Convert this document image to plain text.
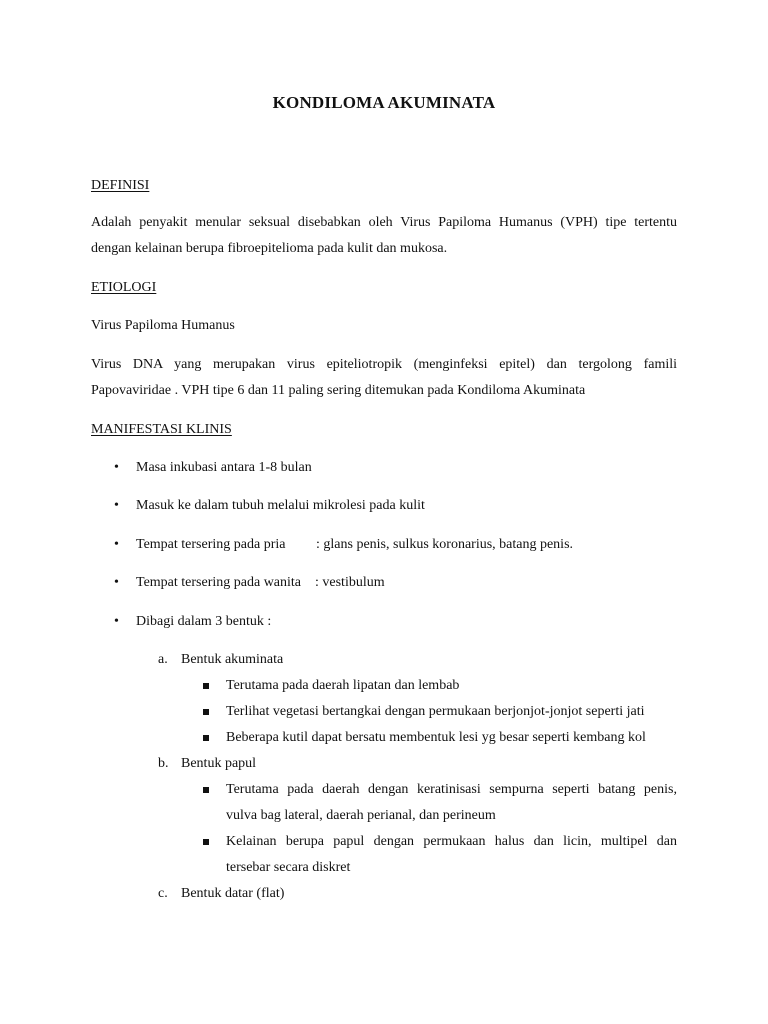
KONDILOMA AKUMINATA
DEFINISI
Adalah penyakit menular seksual disebabkan oleh Virus Papiloma Humanus (VPH) tipe tertentu
dengan kelainan berupa fibroepitelioma pada kulit dan mukosa.
ETIOLOGI
Virus Papiloma Humanus
Virus DNA yang merupakan virus epiteliotropik (menginfeksi epitel) dan tergolong famili
Papovaviridae . VPH tipe 6 dan 11 paling sering ditemukan pada Kondiloma Akuminata
MANIFESTASI KLINIS
• Masa inkubasi antara 1-8 bulan
• Masuk ke dalam tubuh melalui mikrolesi pada kulit
• Tempat tersering pada pria : glans penis, sulkus koronarius, batang penis.
• Tempat tersering pada wanita : vestibulum
• Dibagi dalam 3 bentuk :
a. Bentuk akuminata
Terutama pada daerah lipatan dan lembab
Terlihat vegetasi bertangkai dengan permukaan berjonjot-jonjot seperti jati
Beberapa kutil dapat bersatu membentuk lesi yg besar seperti kembang kol
b. Bentuk papul
Terutama pada daerah dengan keratinisasi sempurna seperti batang penis,
vulva bag lateral, daerah perianal, dan perineum
Kelainan berupa papul dengan permukaan halus dan licin, multipel dan
tersebar secara diskret
c. Bentuk datar (flat)
